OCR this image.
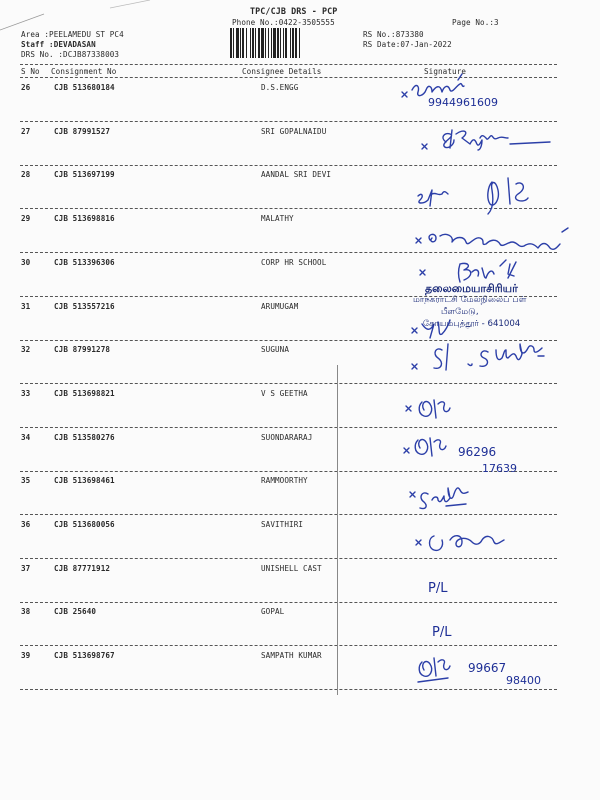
TPC/CJB DRS - PCP
Phone No.:0422-3505555	Page No.:3
Area :PEELAMEDU ST PC4
Staff :DEVADASAN
DRS No. :DCJB87338003
RS No.:873380
RS Date:07-Jan-2022
S No Consignment No	Consignee Details	Signature
26	CJB 513680184	D.S.ENGG
27	CJB 87991527	SRI GOPALNAIDU
28	CJB 513697199	AANDAL SRI DEVI
29	CJB 513698816	MALATHY
30	CJB 513396306	CORP HR SCHOOL
31	CJB 513557216	ARUMUGAM
32	CJB 87991278	SUGUNA
33	CJB 513698821	V S GEETHA
34	CJB 513580276	SUONDARARAJ
35	CJB 513698461	RAMMOORTHY
36	CJB 513680056	SAVITHIRI
37	CJB 87771912	UNISHELL CAST
38	CJB 25640	GOPAL
39	CJB 513698767	SAMPATH KUMAR
9944961609
96296
17639
P/L
P/L
99667
98400
தலைமையாசிரியர்
மாநகராட்சி மேல்நிலைப் பள்
பீளமேடு,
கோயம்புத்தூர் - 641004
